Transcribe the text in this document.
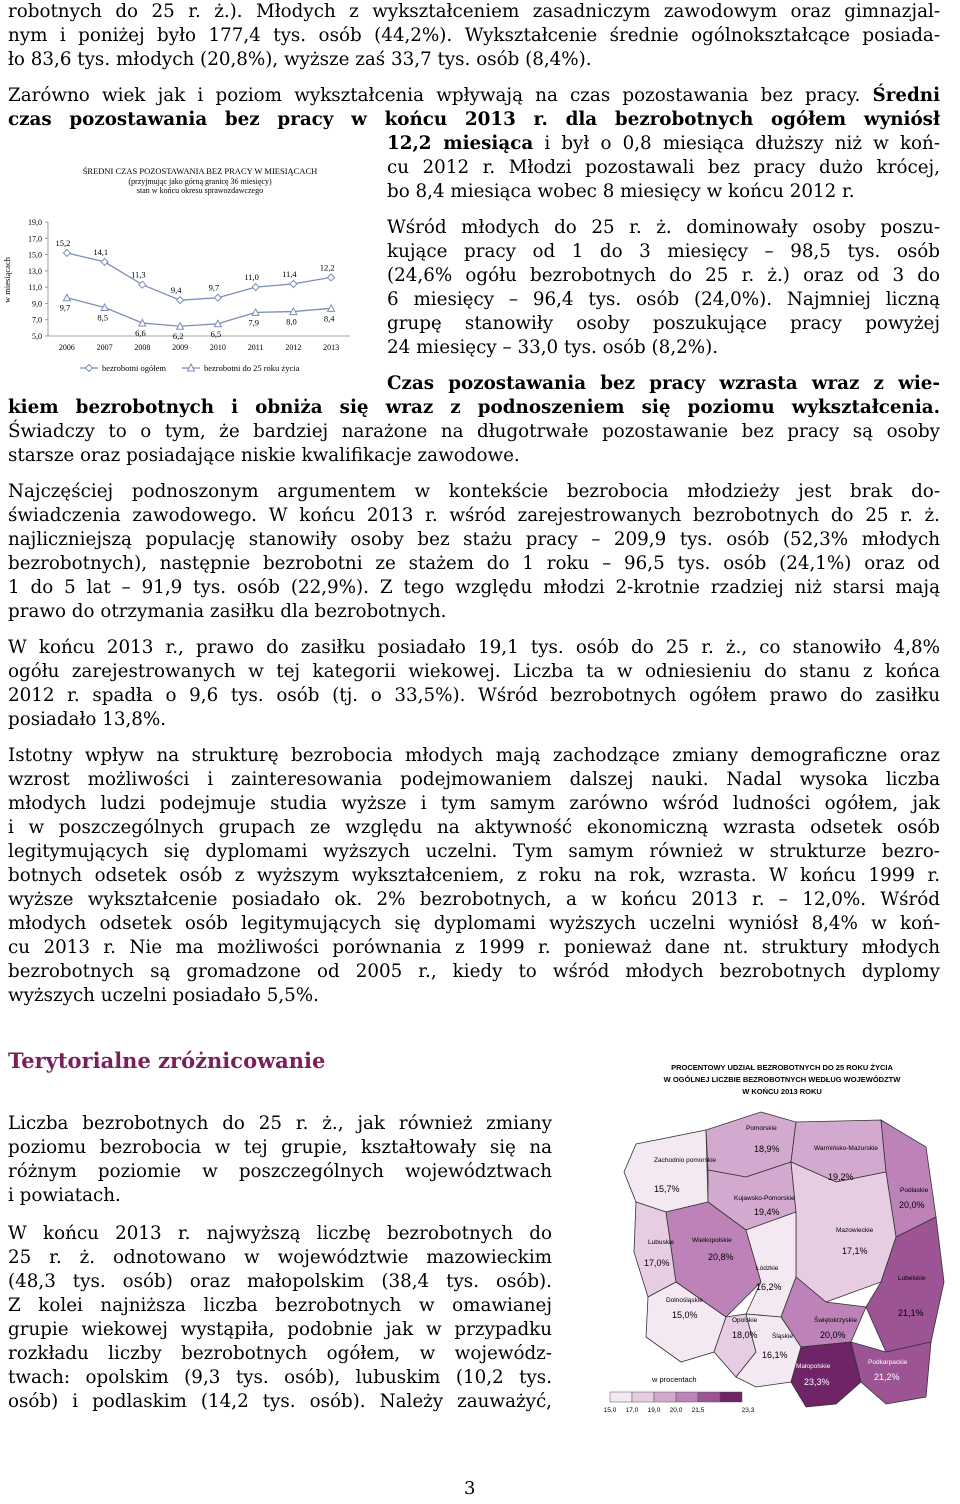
robotnych do 25 r. ż.). Młodych z wykształceniem zasadniczym zawodowym oraz gimnazjal-
nym i poniżej było 177,4 tys. osób (44,2%). Wykształcenie średnie ogólnokształcące posiada-
ło 83,6 tys. młodych (20,8%), wyższe zaś 33,7 tys. osób (8,4%).
Zarówno wiek jak i poziom wykształcenia wpływają na czas pozostawania bez pracy. Średni
czas pozostawania bez pracy w końcu 2013 r. dla bezrobotnych ogółem wyniósł
12,2 miesiąca i był o 0,8 miesiąca dłuższy niż w koń-
cu 2012 r. Młodzi pozostawali bez pracy dużo krócej,
bo 8,4 miesiąca wobec 8 miesięcy w końcu 2012 r.
Wśród młodych do 25 r. ż. dominowały osoby poszu-
kujące pracy od 1 do 3 miesięcy – 98,5 tys. osób
(24,6% ogółu bezrobotnych do 25 r. ż.) oraz od 3 do
6 miesięcy – 96,4 tys. osób (24,0%). Najmniej liczną
grupę stanowiły osoby poszukujące pracy powyżej
24 miesięcy – 33,0 tys. osób (8,2%).
ŚREDNI CZAS POZOSTAWANIA BEZ PRACY W MIESIĄCACH
(przyjmując jako górną granicę 36 miesięcy)
stan w końcu okresu sprawozdawczego
w miesiącach
5,0
7,0
9,0
11,0
13,0
15,0
17,0
19,0
2006	2007	2008	2009	2010	2011	2012	2013
15,2
14,1
11,3
9,4	9,7
11,0	11,4
12,2
9,7
8,5
6,6	6,2	6,5
7,9	8,0	8,4
bezrobotni ogółem	bezrobotni do 25 roku życia
Czas pozostawania bez pracy wzrasta wraz z wie-
kiem bezrobotnych i obniża się wraz z podnoszeniem się poziomu wykształcenia.
Świadczy to o tym, że bardziej narażone na długotrwałe pozostawanie bez pracy są osoby
starsze oraz posiadające niskie kwalifikacje zawodowe.
Najczęściej podnoszonym argumentem w kontekście bezrobocia młodzieży jest brak do-
świadczenia zawodowego. W końcu 2013 r. wśród zarejestrowanych bezrobotnych do 25 r. ż.
najliczniejszą populację stanowiły osoby bez stażu pracy – 209,9 tys. osób (52,3% młodych
bezrobotnych), następnie bezrobotni ze stażem do 1 roku – 96,5 tys. osób (24,1%) oraz od
1 do 5 lat – 91,9 tys. osób (22,9%). Z tego względu młodzi 2-krotnie rzadziej niż starsi mają
prawo do otrzymania zasiłku dla bezrobotnych.
W końcu 2013 r., prawo do zasiłku posiadało 19,1 tys. osób do 25 r. ż., co stanowiło 4,8%
ogółu zarejestrowanych w tej kategorii wiekowej. Liczba ta w odniesieniu do stanu z końca
2012 r. spadła o 9,6 tys. osób (tj. o 33,5%). Wśród bezrobotnych ogółem prawo do zasiłku
posiadało 13,8%.
Istotny wpływ na strukturę bezrobocia młodych mają zachodzące zmiany demograficzne oraz
wzrost możliwości i zainteresowania podejmowaniem dalszej nauki. Nadal wysoka liczba
młodych ludzi podejmuje studia wyższe i tym samym zarówno wśród ludności ogółem, jak
i w poszczególnych grupach ze względu na aktywność ekonomiczną wzrasta odsetek osób
legitymujących się dyplomami wyższych uczelni. Tym samym również w strukturze bezro-
botnych odsetek osób z wyższym wykształceniem, z roku na rok, wzrasta. W końcu 1999 r.
wyższe wykształcenie posiadało ok. 2% bezrobotnych, a w końcu 2013 r. – 12,0%. Wśród
młodych odsetek osób legitymujących się dyplomami wyższych uczelni wyniósł 8,4% w koń-
cu 2013 r. Nie ma możliwości porównania z 1999 r. ponieważ dane nt. struktury młodych
bezrobotnych są gromadzone od 2005 r., kiedy to wśród młodych bezrobotnych dyplomy
wyższych uczelni posiadało 5,5%.
Terytorialne zróżnicowanie
Liczba bezrobotnych do 25 r. ż., jak również zmiany
poziomu bezrobocia w tej grupie, kształtowały się na
różnym poziomie w poszczególnych województwach
i powiatach.
W końcu 2013 r. najwyższą liczbę bezrobotnych do
25 r. ż. odnotowano w województwie mazowieckim
(48,3 tys. osób) oraz małopolskim (38,4 tys. osób).
Z kolei najniższa liczba bezrobotnych w omawianej
grupie wiekowej wystąpiła, podobnie jak w przypadku
rozkładu liczby bezrobotnych ogółem, w wojewódz-
twach: opolskim (9,3 tys. osób), lubuskim (10,2 tys.
osób) i podlaskim (14,2 tys. osób). Należy zauważyć,
PROCENTOWY UDZIAŁ BEZROBOTNYCH DO 25 ROKU ŻYCIA
W OGÓLNEJ LICZBIE BEZROBOTNYCH WEDŁUG WOJEWÓDZTW
W KOŃCU 2013 ROKU
Pomorskie
18,9%	Warmińsko-Mazurskie
19,2%
Zachodnio pomorskie
15,7%	Podlaskie
20,0%
Kujawsko-Pomorskie
19,4%
Lubuskie
17,0%
Wielkopolskie
20,8%
Mazowieckie
17,1%
Łódzkie
16,2%
Dolnośląskie
15,0%
Lubelskie
21,1%
Opolskie
18,0%
Świętokrzyskie
20,0%
Śląskie
16,1%
Małopolskie
23,3%
Podkarpackie
21,2%
w procentach
15,0 17,0 19,0 20,0 21,5	23,3
3
